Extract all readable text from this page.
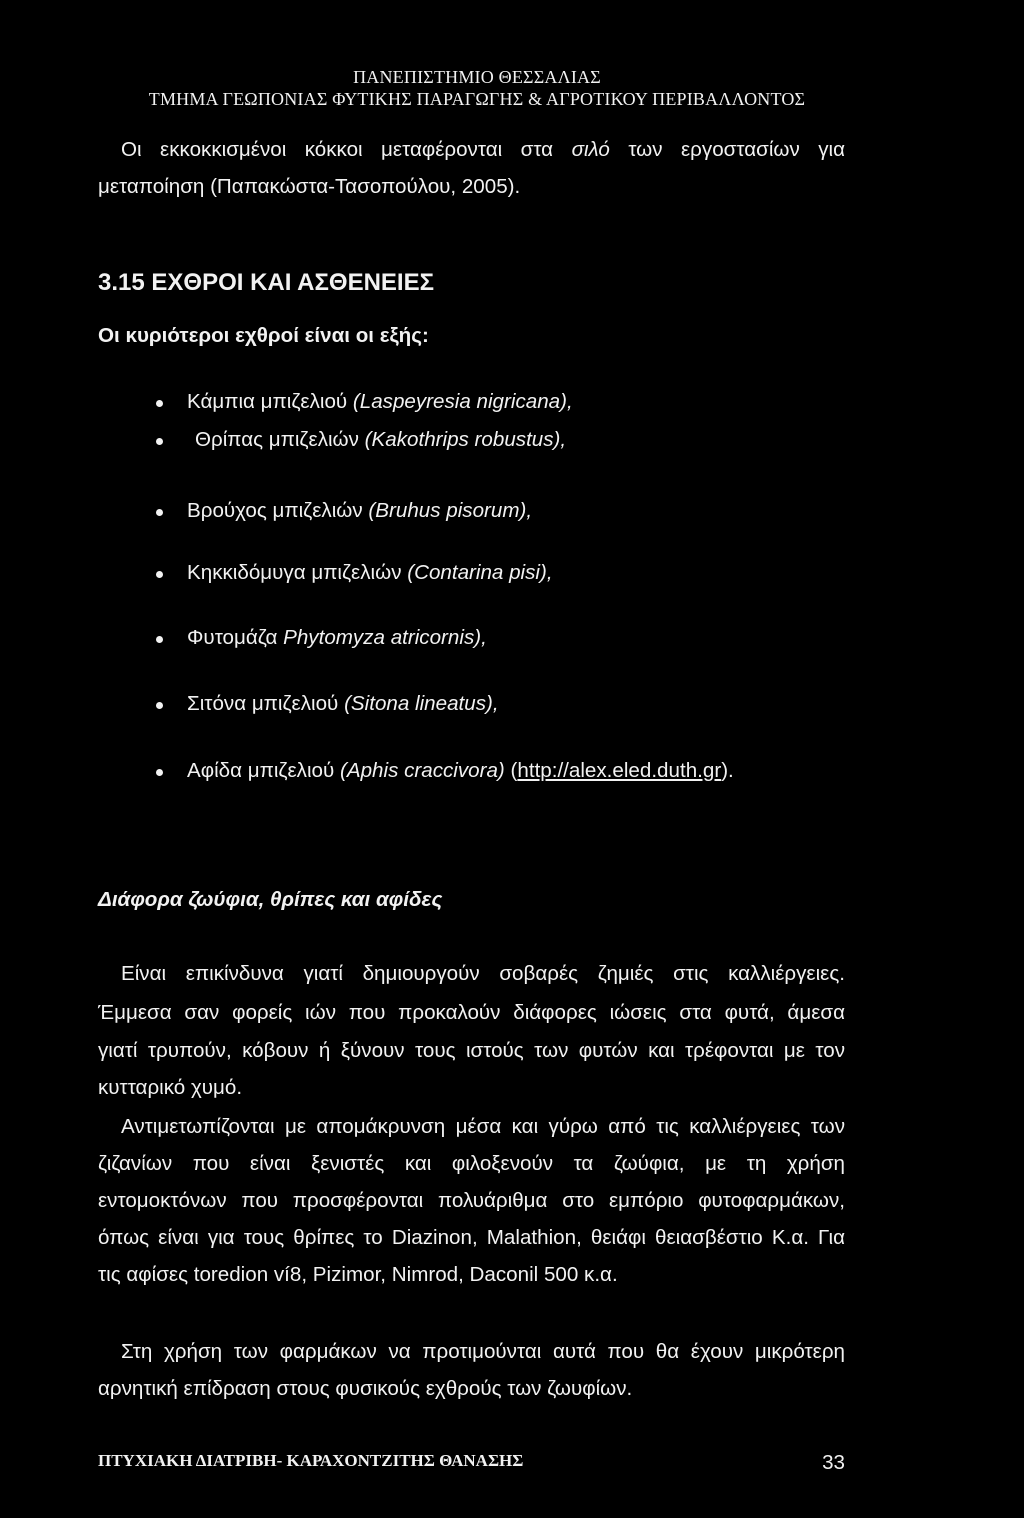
ΠΑΝΕΠΙΣΤΗΜΙΟ ΘΕΣΣΑΛΙΑΣ
ΤΜΗΜΑ ΓΕΩΠΟΝΙΑΣ ΦΥΤΙΚΗΣ ΠΑΡΑΓΩΓΗΣ & ΑΓΡΟΤΙΚΟΥ ΠΕΡΙΒΑΛΛΟΝΤΟΣ
Οι εκκοκκισμένοι κόκκοι μεταφέρονται στα σιλό των εργοστασίων για
μεταποίηση (Παπακώστα-Τασοπούλου, 2005).
3.15 ΕΧΘΡΟΙ ΚΑΙ ΑΣΘΕΝΕΙΕΣ

Οι κυριότεροι εχθροί είναι οι εξής:

Κάμπια μπιζελιού (Laspeyresia nigricana),
Θρίπας μπιζελιών (Kakothrips robustus),
Βρούχος μπιζελιών (Bruhus pisorum),
Κηκκιδόμυγα μπιζελιών (Contarina pisi),
Φυτομάζα Phytomyza atricornis),
Σιτόνα μπιζελιού (Sitona lineatus),
Αφίδα μπιζελιού (Aphis craccivora) (http://alex.eled.duth.gr).
Διάφορα ζωύφια, θρίπες και αφίδες
Είναι επικίνδυνα γιατί δημιουργούν σοβαρές ζημιές στις καλλιέργειες.
Έμμεσα σαν φορείς ιών που προκαλούν διάφορες ιώσεις στα φυτά, άμεσα
γιατί τρυπούν, κόβουν ή ξύνουν τους ιστούς των φυτών και τρέφονται με τον
κυτταρικό χυμό.
Αντιμετωπίζονται με απομάκρυνση μέσα και γύρω από τις καλλιέργειες των
ζιζανίων που είναι ξενιστές και φιλοξενούν τα ζωύφια, με τη χρήση
εντομοκτόνων που προσφέρονται πολυάριθμα στο εμπόριο φυτοφαρμάκων,
όπως είναι για τους θρίπες το Diazinon, Malathion, θειάφι θειασβέστιο Κ.α. Για
τις αφίσες toredion ví8, Pizimor, Nimrod, Daconil 500 κ.α.
Στη χρήση των φαρμάκων να προτιμούνται αυτά που θα έχουν μικρότερη
αρνητική επίδραση στους φυσικούς εχθρούς των ζωυφίων.
ΠΤΥΧΙΑΚΗ ΔΙΑΤΡΙΒΗ- ΚΑΡΑΧΟΝΤΖΙΤΗΣ ΘΑΝΑΣΗΣ	33
